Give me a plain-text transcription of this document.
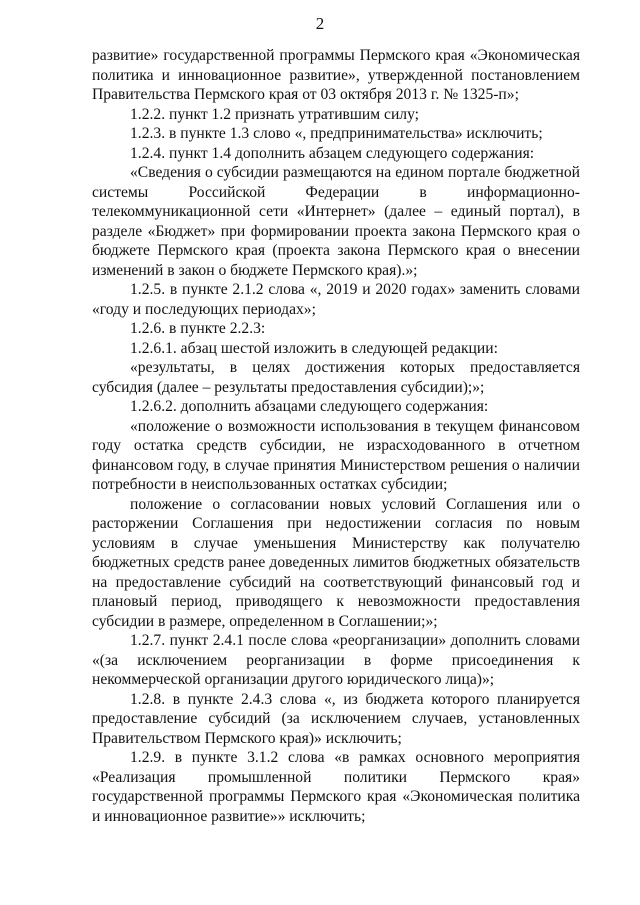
2

развитие» государственной программы Пермского края «Экономическая политика и инновационное развитие», утвержденной постановлением Правительства Пермского края от 03 октября 2013 г. № 1325-п»;

1.2.2. пункт 1.2 признать утратившим силу;

1.2.3. в пункте 1.3 слово «, предпринимательства» исключить;

1.2.4. пункт 1.4 дополнить абзацем следующего содержания:

«Сведения о субсидии размещаются на едином портале бюджетной системы Российской Федерации в информационно-телекоммуникационной сети «Интернет» (далее – единый портал), в разделе «Бюджет» при формировании проекта закона Пермского края о бюджете Пермского края (проекта закона Пермского края о внесении изменений в закон о бюджете Пермского края).»;

1.2.5. в пункте 2.1.2 слова «, 2019 и 2020 годах» заменить словами «году и последующих периодах»;

1.2.6. в пункте 2.2.3:

1.2.6.1. абзац шестой изложить в следующей редакции:

«результаты, в целях достижения которых предоставляется субсидия (далее – результаты предоставления субсидии);»;

1.2.6.2. дополнить абзацами следующего содержания:

«положение о возможности использования в текущем финансовом году остатка средств субсидии, не израсходованного в отчетном финансовом году, в случае принятия Министерством решения о наличии потребности в неиспользованных остатках субсидии;

положение о согласовании новых условий Соглашения или о расторжении Соглашения при недостижении согласия по новым условиям в случае уменьшения Министерству как получателю бюджетных средств ранее доведенных лимитов бюджетных обязательств на предоставление субсидий на соответствующий финансовый год и плановый период, приводящего к невозможности предоставления субсидии в размере, определенном в Соглашении;»;

1.2.7. пункт 2.4.1 после слова «реорганизации» дополнить словами «(за исключением реорганизации в форме присоединения к некоммерческой организации другого юридического лица)»;

1.2.8. в пункте 2.4.3 слова «, из бюджета которого планируется предоставление субсидий (за исключением случаев, установленных Правительством Пермского края)» исключить;

1.2.9. в пункте 3.1.2 слова «в рамках основного мероприятия «Реализация промышленной политики Пермского края» государственной программы Пермского края «Экономическая политика и инновационное развитие»» исключить;
